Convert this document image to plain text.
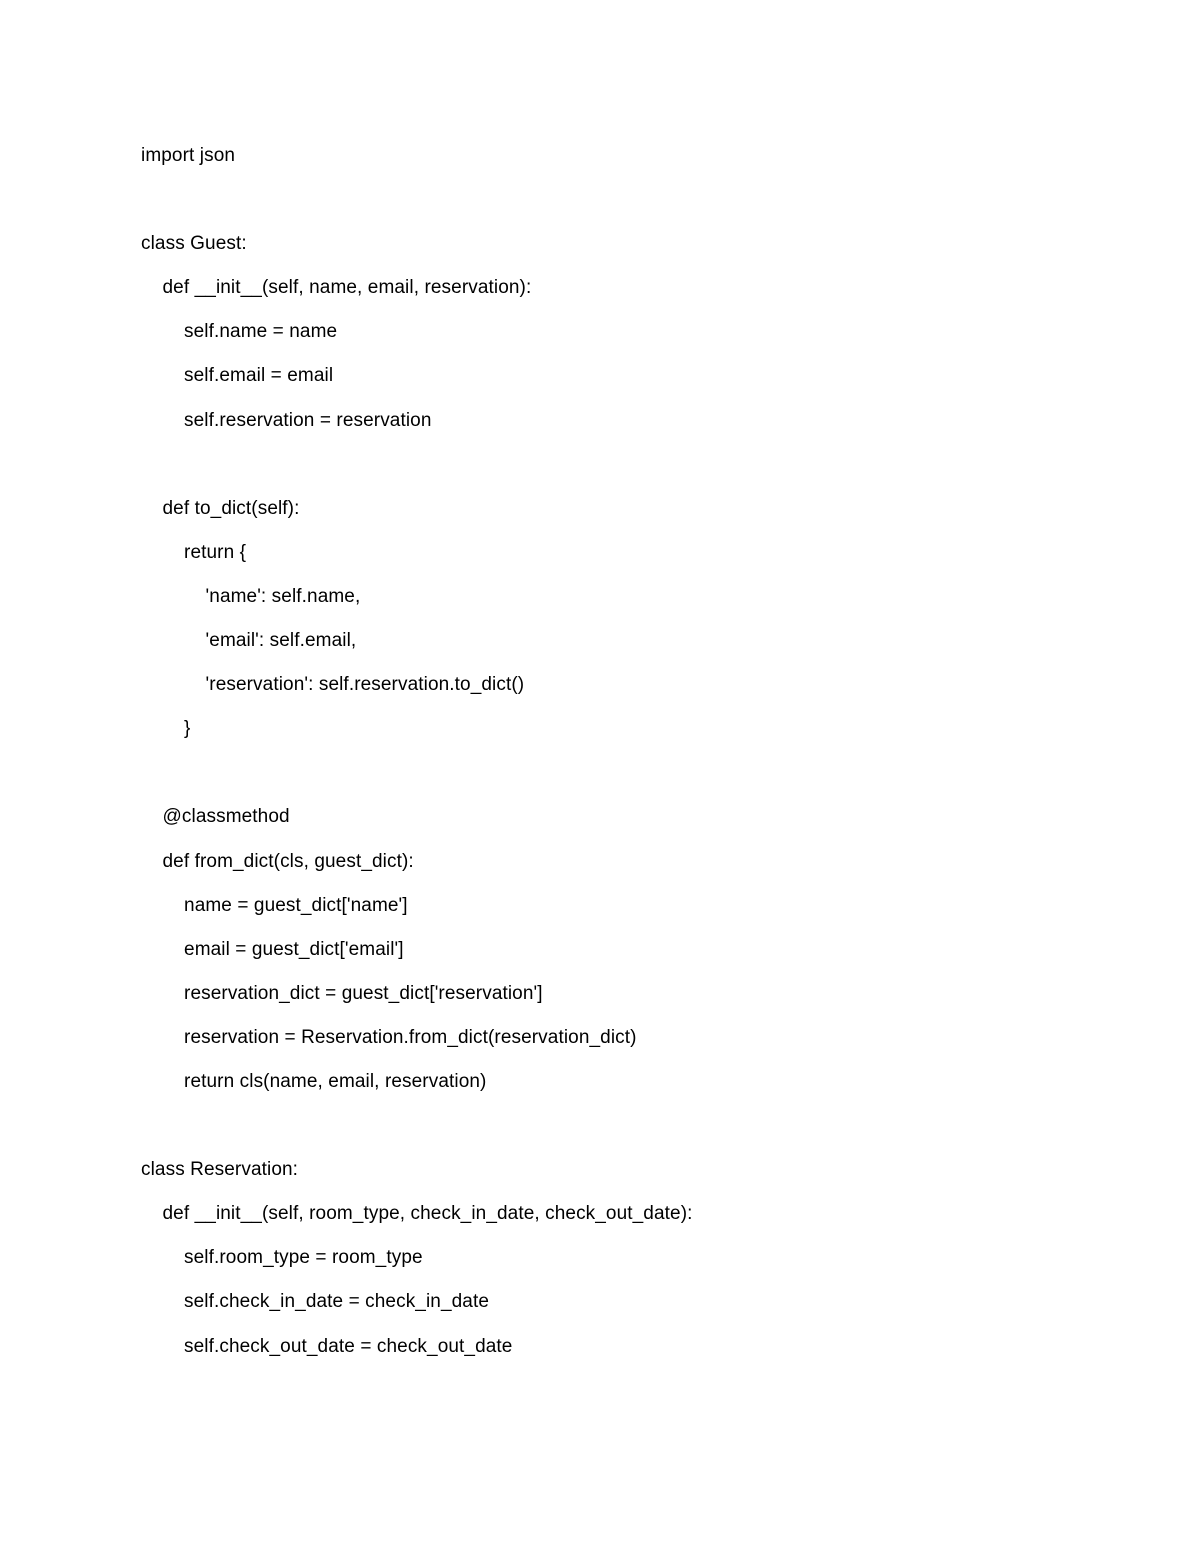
import json
class Guest:
def __init__(self, name, email, reservation):
self.name = name
self.email = email
self.reservation = reservation
def to_dict(self):
return {
'name': self.name,
'email': self.email,
'reservation': self.reservation.to_dict()
}
@classmethod
def from_dict(cls, guest_dict):
name = guest_dict['name']
email = guest_dict['email']
reservation_dict = guest_dict['reservation']
reservation = Reservation.from_dict(reservation_dict)
return cls(name, email, reservation)
class Reservation:
def __init__(self, room_type, check_in_date, check_out_date):
self.room_type = room_type
self.check_in_date = check_in_date
self.check_out_date = check_out_date
